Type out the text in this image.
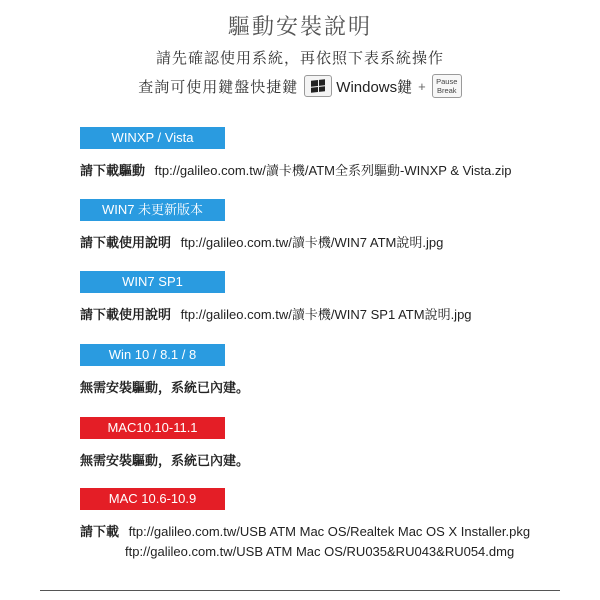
驅動安裝說明
請先確認使用系統，再依照下表系統操作
查詢可使用鍵盤快捷鍵	Windows鍵 + Pause
Break
WINXP / Vista
請下載驅動 ftp://galileo.com.tw/讀卡機/ATM全系列驅動-WINXP & Vista.zip
WIN7 未更新版本
請下載使用說明 ftp://galileo.com.tw/讀卡機/WIN7 ATM說明.jpg
WIN7 SP1
請下載使用說明 ftp://galileo.com.tw/讀卡機/WIN7 SP1 ATM說明.jpg
Win 10 / 8.1 / 8
無需安裝驅動，系統已內建。
MAC10.10-11.1
無需安裝驅動，系統已內建。
MAC 10.6-10.9
請下載 ftp://galileo.com.tw/USB ATM Mac OS/Realtek Mac OS X Installer.pkg
ftp://galileo.com.tw/USB ATM Mac OS/RU035&RU043&RU054.dmg
